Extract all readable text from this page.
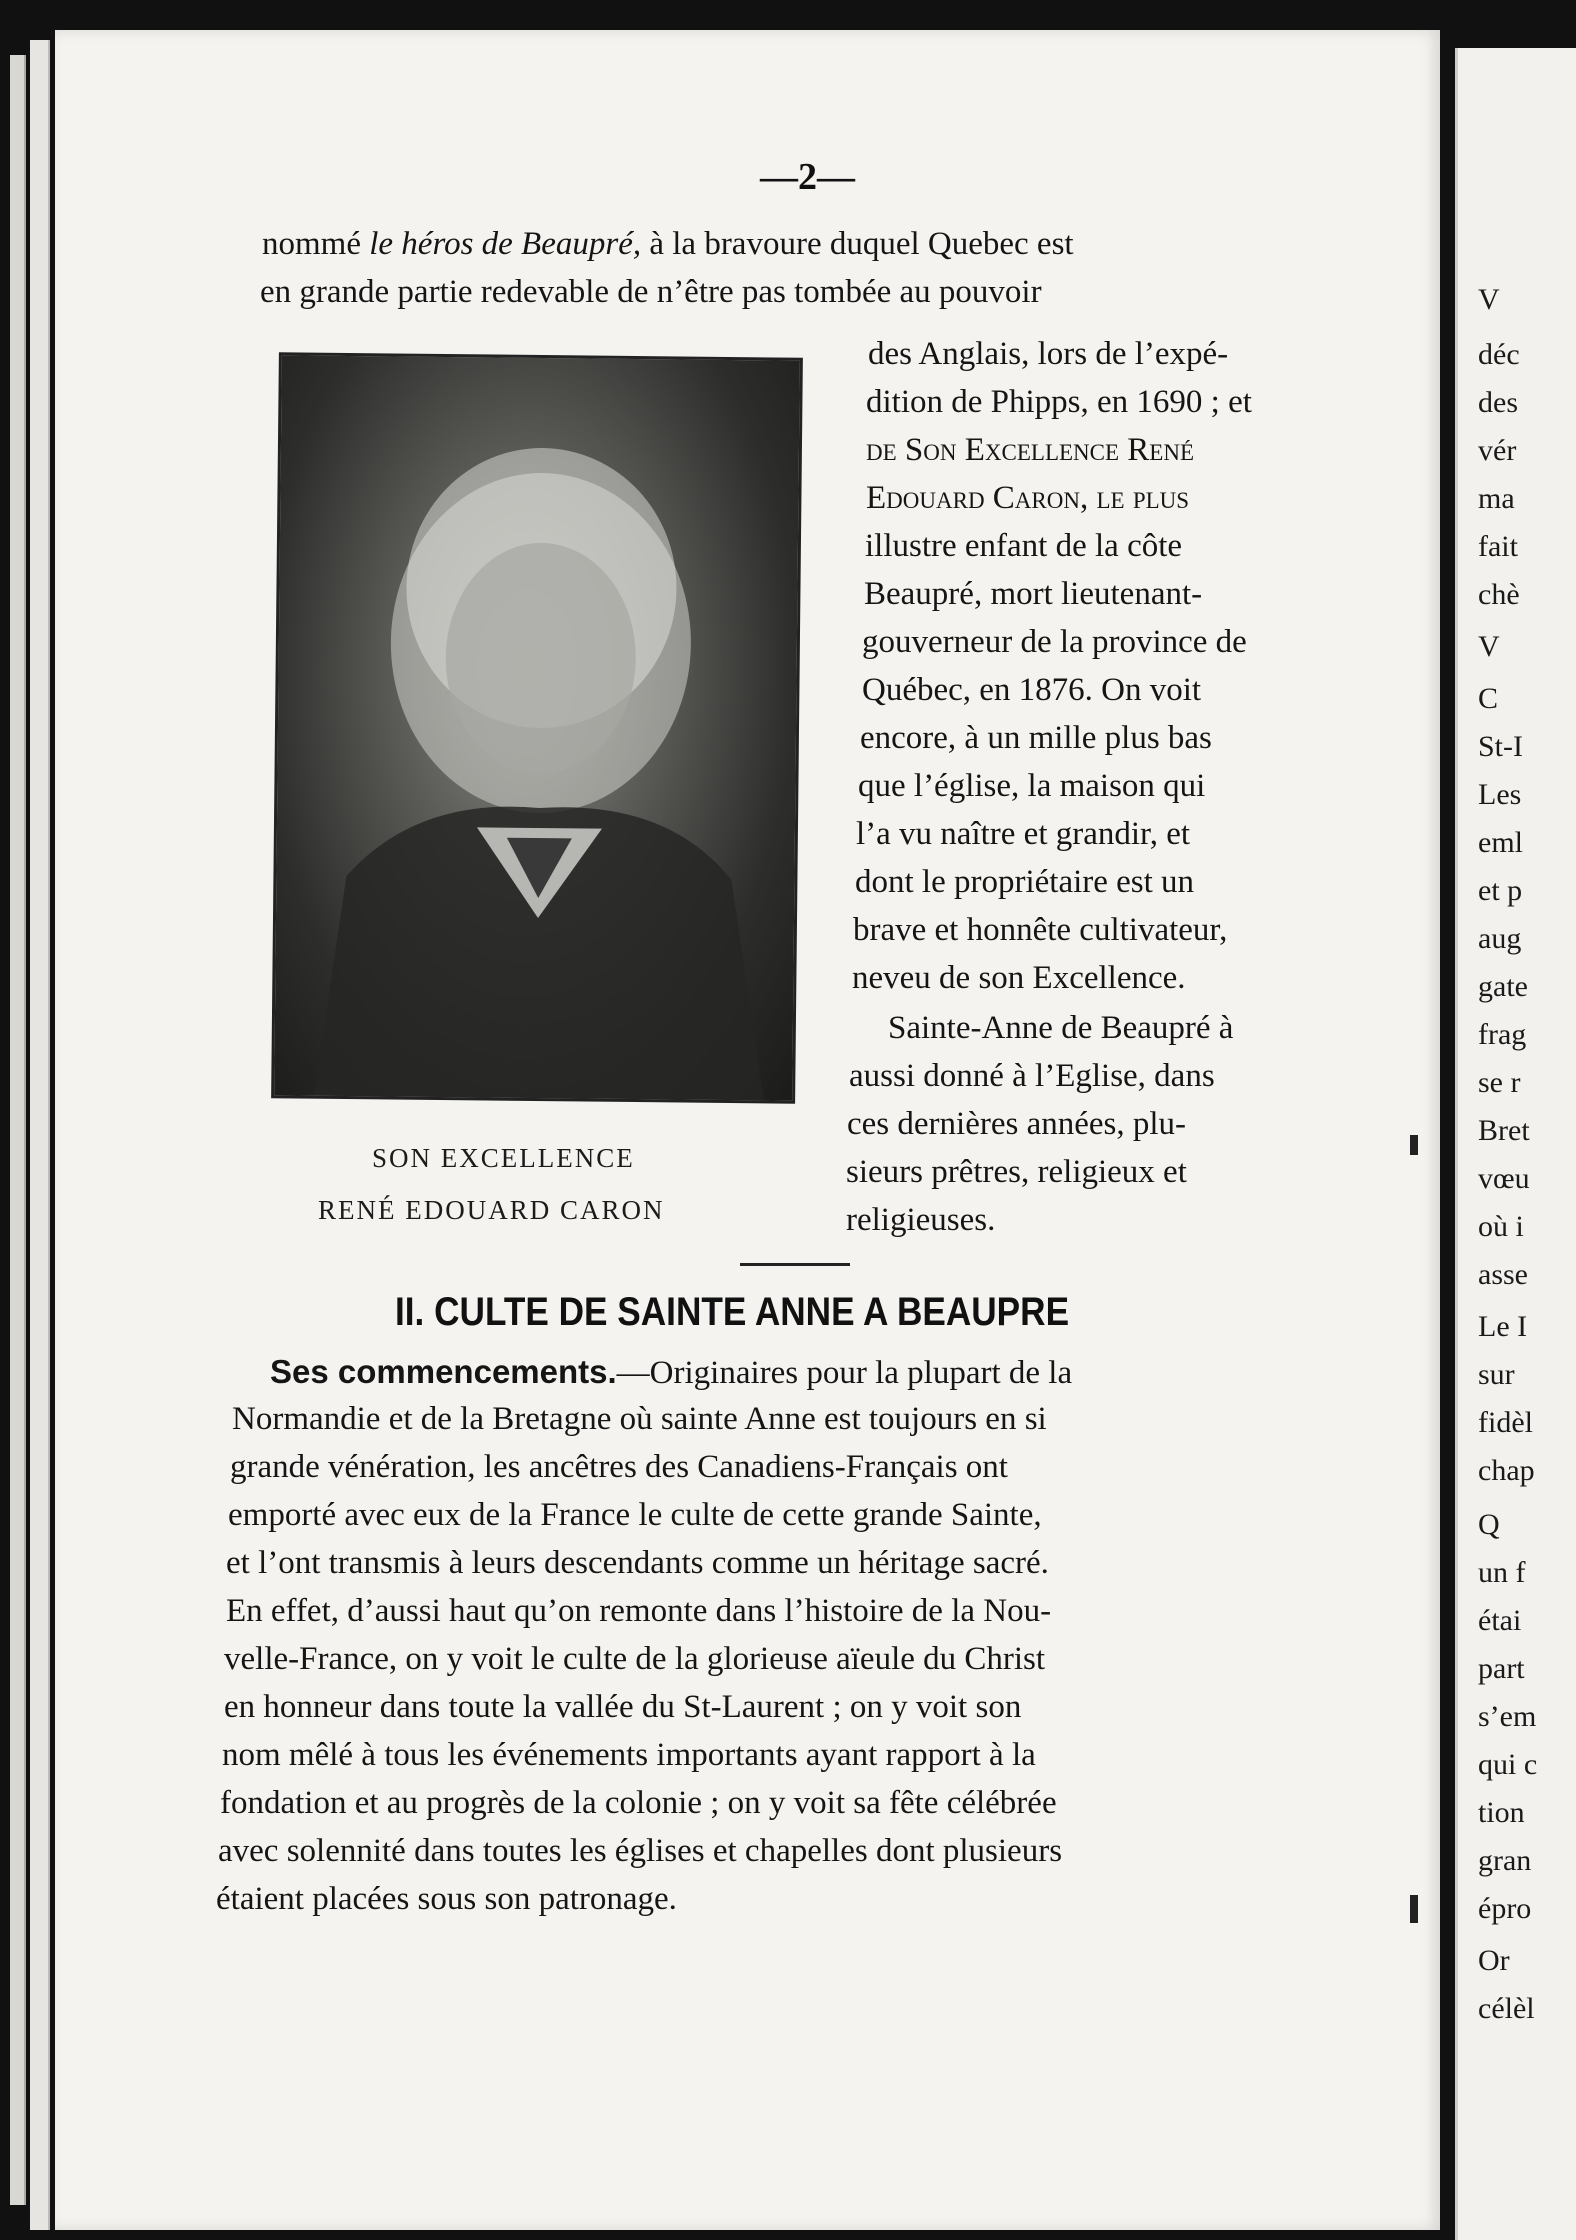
—2—
nommé le héros de Beaupré, à la bravoure duquel Quebec est
en grande partie redevable de n’être pas tombée au pouvoir
SON EXCELLENCE
RENÉ EDOUARD CARON
des Anglais, lors de l’expé-
dition de Phipps, en 1690 ; et
de Son Excellence René
Edouard Caron, le plus
illustre enfant de la côte
Beaupré, mort lieutenant-
gouverneur de la province de
Québec, en 1876. On voit
encore, à un mille plus bas
que l’église, la maison qui
l’a vu naître et grandir, et
dont le propriétaire est un
brave et honnête cultivateur,
neveu de son Excellence.
Sainte-Anne de Beaupré à
aussi donné à l’Eglise, dans
ces dernières années, plu-
sieurs prêtres, religieux et
religieuses.
II. CULTE DE SAINTE ANNE A BEAUPRE
Ses commencements.—Originaires pour la plupart de la
Normandie et de la Bretagne où sainte Anne est toujours en si
grande vénération, les ancêtres des Canadiens-Français ont
emporté avec eux de la France le culte de cette grande Sainte,
et l’ont transmis à leurs descendants comme un héritage sacré.
En effet, d’aussi haut qu’on remonte dans l’histoire de la Nou-
velle-France, on y voit le culte de la glorieuse aïeule du Christ
en honneur dans toute la vallée du St-Laurent ; on y voit son
nom mêlé à tous les événements importants ayant rapport à la
fondation et au progrès de la colonie ; on y voit sa fête célébrée
avec solennité dans toutes les églises et chapelles dont plusieurs
étaient placées sous son patronage.
V
déc
des
vér
ma
fait
chè
V
C
St-I
Les
eml
et p
aug
gate
frag
se r
Bret
vœu
où i
asse
Le I
sur
fidèl
chap
Q
un f
étai
part
s’em
qui c
tion
gran
épro
Or
célèl
